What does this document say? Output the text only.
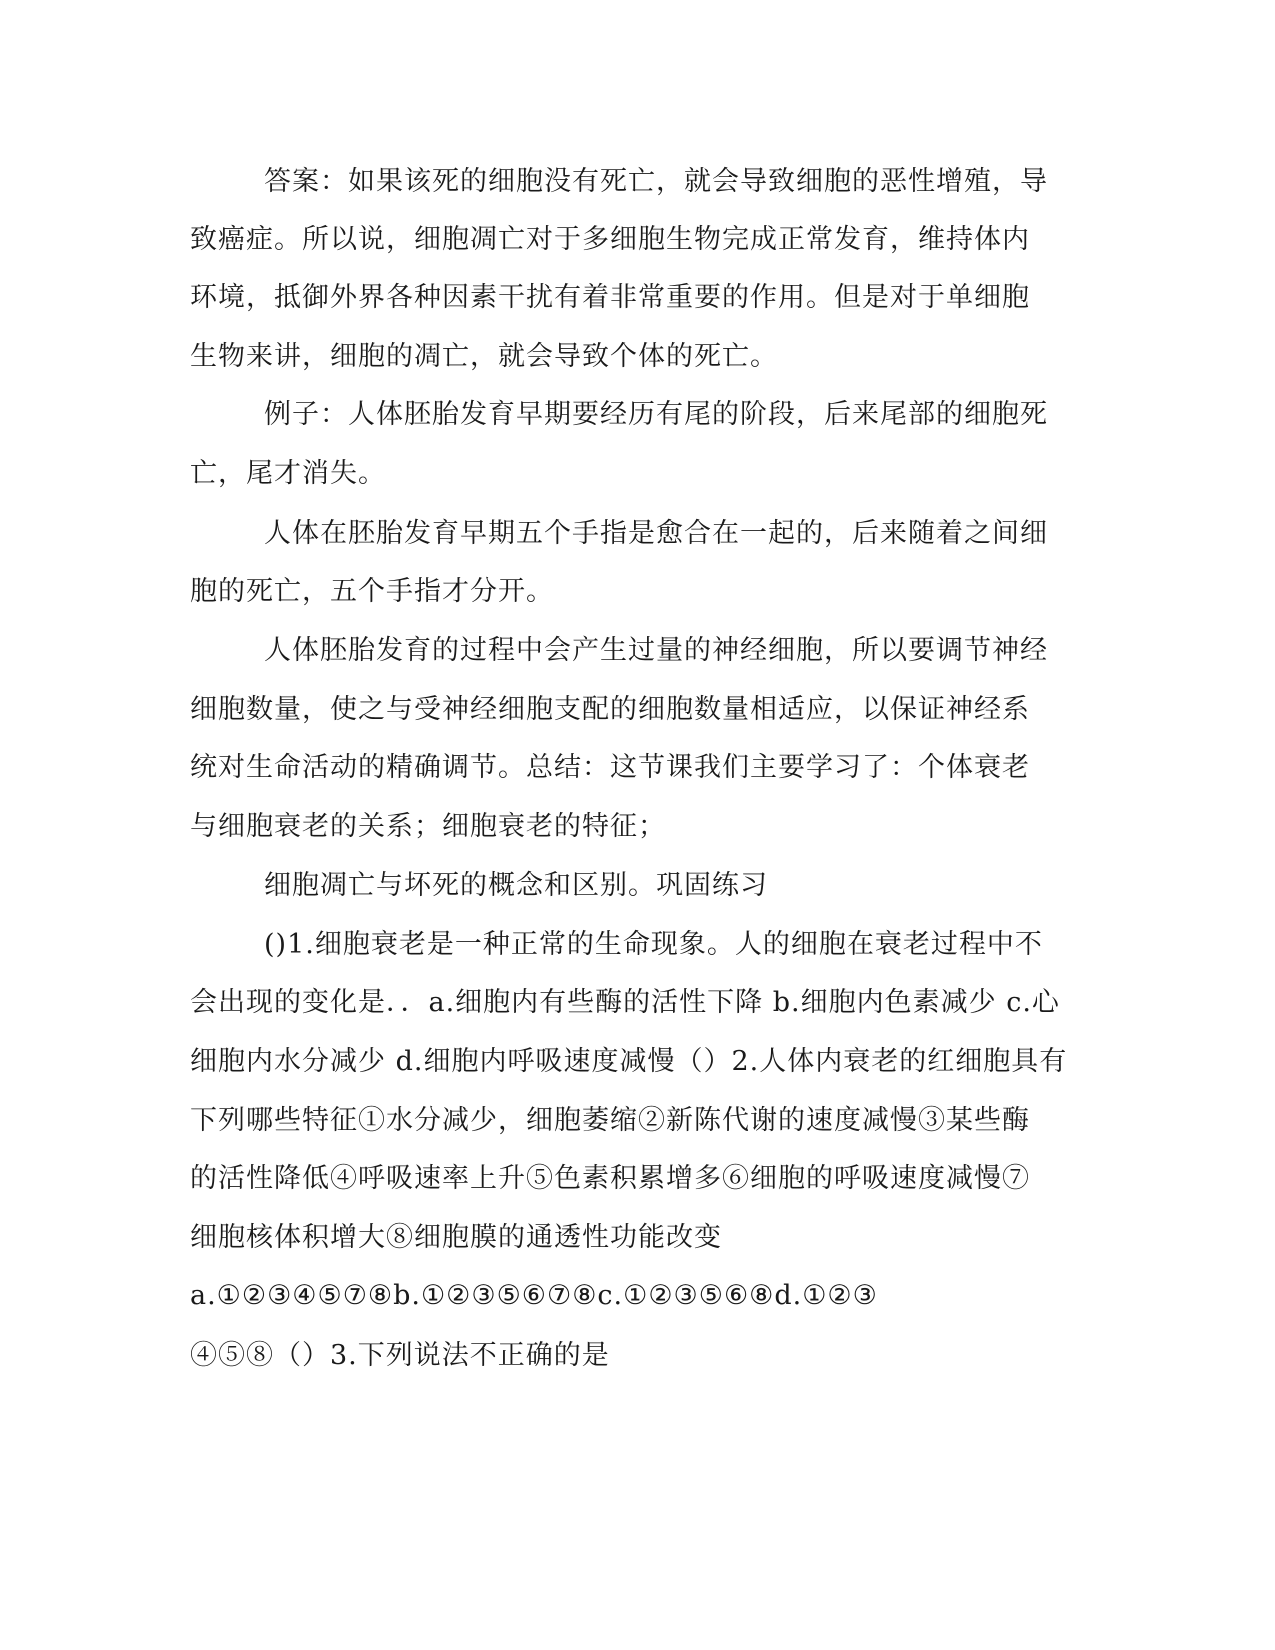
答案：如果该死的细胞没有死亡，就会导致细胞的恶性增殖，导
致癌症。所以说，细胞凋亡对于多细胞生物完成正常发育，维持体内
环境，抵御外界各种因素干扰有着非常重要的作用。但是对于单细胞
生物来讲，细胞的凋亡，就会导致个体的死亡。
例子：人体胚胎发育早期要经历有尾的阶段，后来尾部的细胞死
亡，尾才消失。
人体在胚胎发育早期五个手指是愈合在一起的，后来随着之间细
胞的死亡，五个手指才分开。
人体胚胎发育的过程中会产生过量的神经细胞，所以要调节神经
细胞数量，使之与受神经细胞支配的细胞数量相适应，以保证神经系
统对生命活动的精确调节。总结：这节课我们主要学习了：个体衰老
与细胞衰老的关系；细胞衰老的特征；
细胞凋亡与坏死的概念和区别。巩固练习
()1.细胞衰老是一种正常的生命现象。人的细胞在衰老过程中不
会出现的变化是．．a.细胞内有些酶的活性下降 b.细胞内色素减少 c.心
细胞内水分减少 d.细胞内呼吸速度减慢（）2.人体内衰老的红细胞具有
下列哪些特征①水分减少，细胞萎缩②新陈代谢的速度减慢③某些酶
的活性降低④呼吸速率上升⑤色素积累增多⑥细胞的呼吸速度减慢⑦
细胞核体积增大⑧细胞膜的通透性功能改变
a.①②③④⑤⑦⑧b.①②③⑤⑥⑦⑧c.①②③⑤⑥⑧d.①②③
④⑤⑧（）3.下列说法不正确的是
